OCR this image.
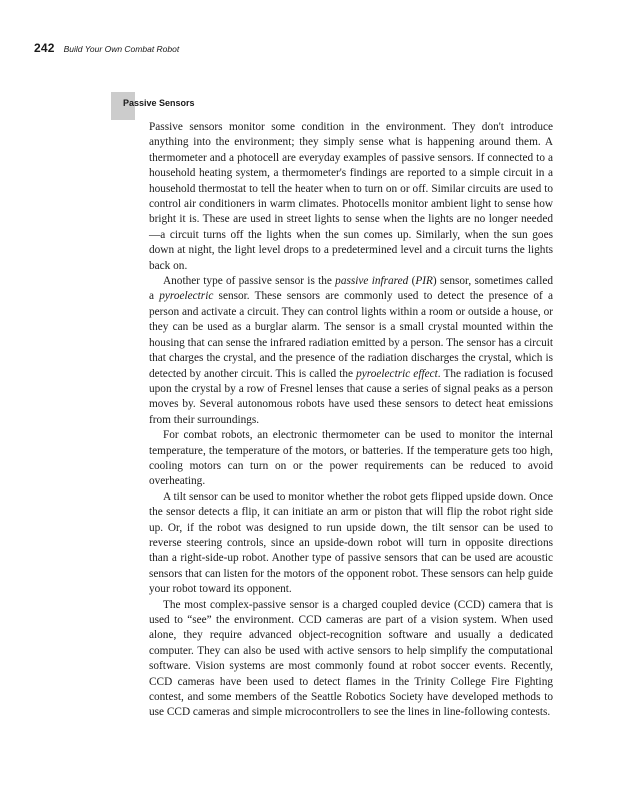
242 Build Your Own Combat Robot
Passive Sensors

Passive sensors monitor some condition in the environment. They don't introduce anything into the environment; they simply sense what is happening around them. A thermometer and a photocell are everyday examples of passive sensors. If connected to a household heating system, a thermometer's findings are reported to a simple circuit in a household thermostat to tell the heater when to turn on or off. Similar circuits are used to control air conditioners in warm climates. Photocells monitor ambient light to sense how bright it is. These are used in street lights to sense when the lights are no longer needed—a circuit turns off the lights when the sun comes up. Similarly, when the sun goes down at night, the light level drops to a predetermined level and a circuit turns the lights back on.

Another type of passive sensor is the passive infrared (PIR) sensor, sometimes called a pyroelectric sensor. These sensors are commonly used to detect the presence of a person and activate a circuit. They can control lights within a room or outside a house, or they can be used as a burglar alarm. The sensor is a small crystal mounted within the housing that can sense the infrared radiation emitted by a person. The sensor has a circuit that charges the crystal, and the presence of the radiation discharges the crystal, which is detected by another circuit. This is called the pyroelectric effect. The radiation is focused upon the crystal by a row of Fresnel lenses that cause a series of signal peaks as a person moves by. Several autonomous robots have used these sensors to detect heat emissions from their surroundings.

For combat robots, an electronic thermometer can be used to monitor the internal temperature, the temperature of the motors, or batteries. If the temperature gets too high, cooling motors can turn on or the power requirements can be reduced to avoid overheating.

A tilt sensor can be used to monitor whether the robot gets flipped upside down. Once the sensor detects a flip, it can initiate an arm or piston that will flip the robot right side up. Or, if the robot was designed to run upside down, the tilt sensor can be used to reverse steering controls, since an upside-down robot will turn in opposite directions than a right-side-up robot. Another type of passive sensors that can be used are acoustic sensors that can listen for the motors of the opponent robot. These sensors can help guide your robot toward its opponent.

The most complex-passive sensor is a charged coupled device (CCD) camera that is used to “see” the environment. CCD cameras are part of a vision system. When used alone, they require advanced object-recognition software and usually a dedicated computer. They can also be used with active sensors to help simplify the computational software. Vision systems are most commonly found at robot soccer events. Recently, CCD cameras have been used to detect flames in the Trinity College Fire Fighting contest, and some members of the Seattle Robotics Society have developed methods to use CCD cameras and simple microcontrollers to see the lines in line-following contests.
